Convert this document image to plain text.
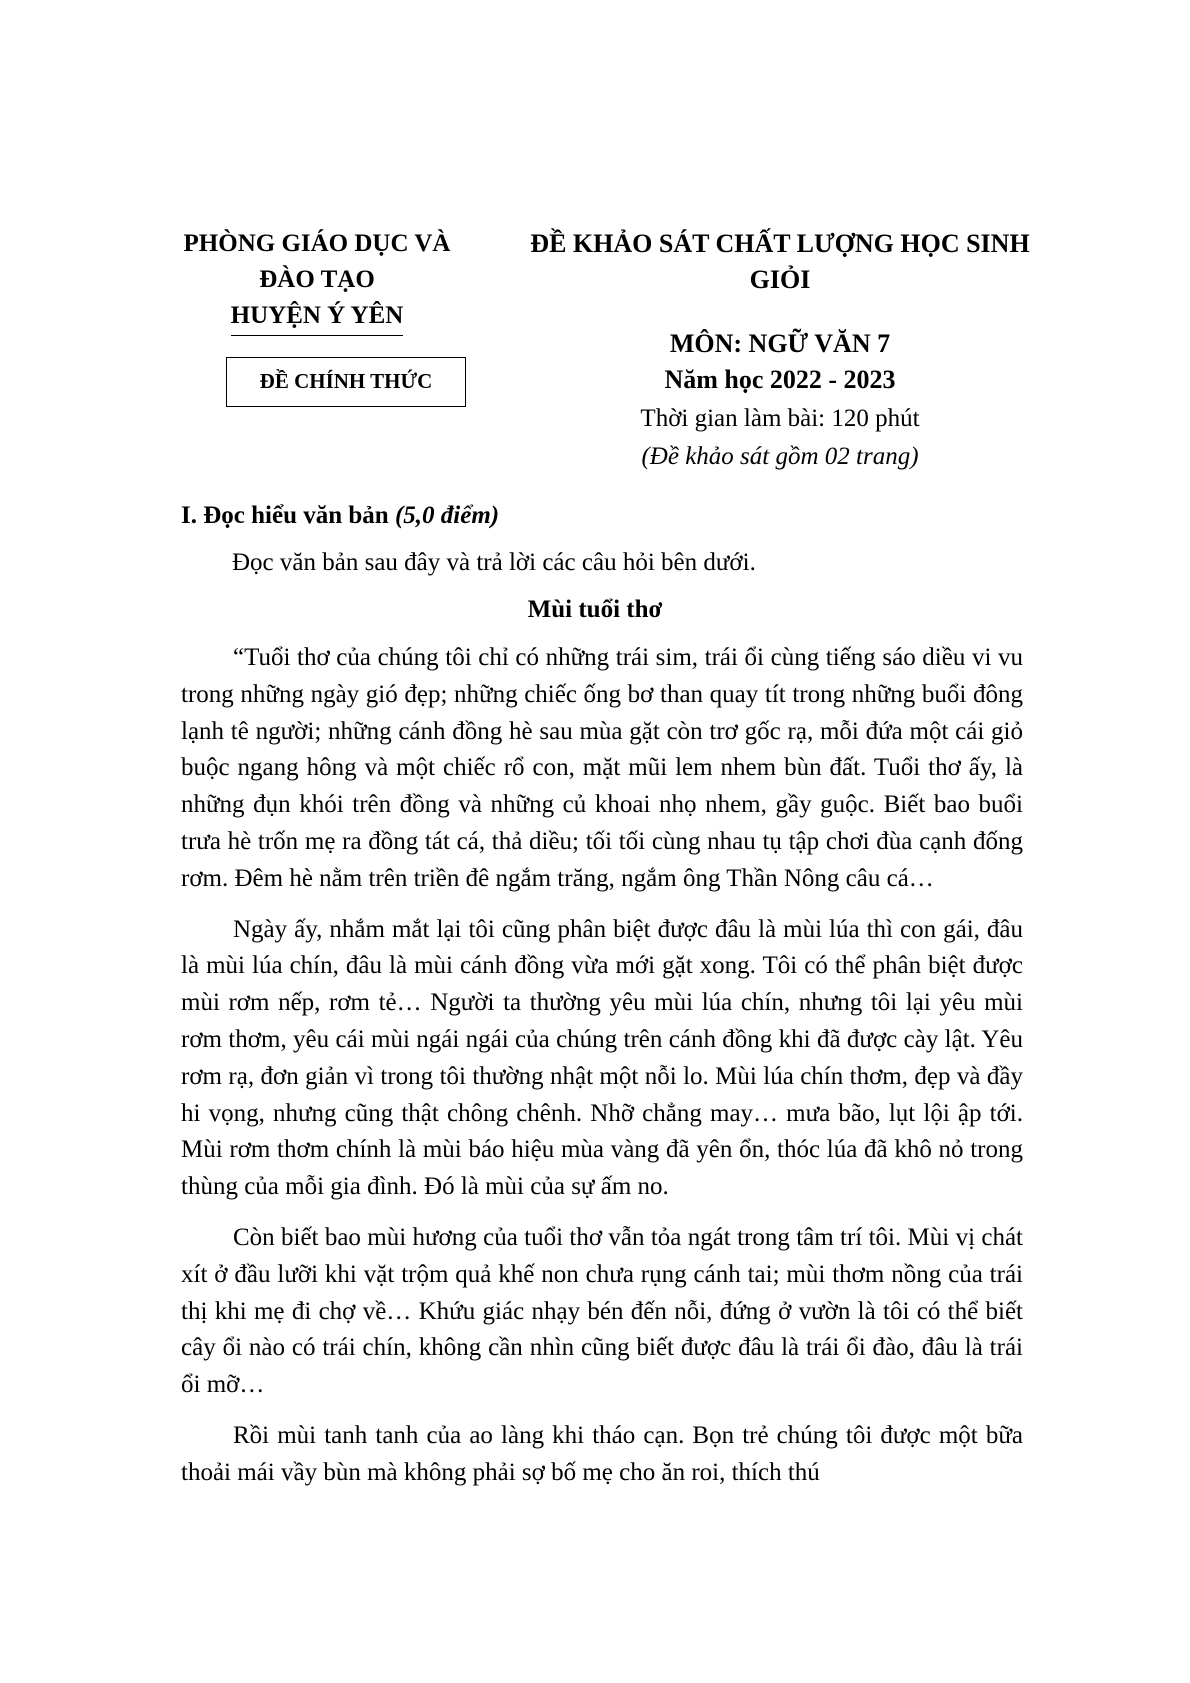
PHÒNG GIÁO DỤC VÀ
ĐÀO TẠO
HUYỆN Ý YÊN
ĐỀ CHÍNH THỨC
ĐỀ KHẢO SÁT CHẤT LƯỢNG HỌC SINH
GIỎI
MÔN: NGỮ VĂN 7
Năm học 2022 - 2023
Thời gian làm bài: 120 phút
(Đề khảo sát gồm 02 trang)
I. Đọc hiểu văn bản (5,0 điểm)
Đọc văn bản sau đây và trả lời các câu hỏi bên dưới.
Mùi tuổi thơ

“Tuổi thơ của chúng tôi chỉ có những trái sim, trái ổi cùng tiếng sáo diều vi vu trong những ngày gió đẹp; những chiếc ống bơ than quay tít trong những buổi đông lạnh tê người; những cánh đồng hè sau mùa gặt còn trơ gốc rạ, mỗi đứa một cái giỏ buộc ngang hông và một chiếc rổ con, mặt mũi lem nhem bùn đất. Tuổi thơ ấy, là những đụn khói trên đồng và những củ khoai nhọ nhem, gầy guộc. Biết bao buổi trưa hè trốn mẹ ra đồng tát cá, thả diều; tối tối cùng nhau tụ tập chơi đùa cạnh đống rơm. Đêm hè nằm trên triền đê ngắm trăng, ngắm ông Thần Nông câu cá…

Ngày ấy, nhắm mắt lại tôi cũng phân biệt được đâu là mùi lúa thì con gái, đâu là mùi lúa chín, đâu là mùi cánh đồng vừa mới gặt xong. Tôi có thể phân biệt được mùi rơm nếp, rơm tẻ… Người ta thường yêu mùi lúa chín, nhưng tôi lại yêu mùi rơm thơm, yêu cái mùi ngái ngái của chúng trên cánh đồng khi đã được cày lật. Yêu rơm rạ, đơn giản vì trong tôi thường nhật một nỗi lo. Mùi lúa chín thơm, đẹp và đầy hi vọng, nhưng cũng thật chông chênh. Nhỡ chẳng may… mưa bão, lụt lội ập tới. Mùi rơm thơm chính là mùi báo hiệu mùa vàng đã yên ổn, thóc lúa đã khô nỏ trong thùng của mỗi gia đình. Đó là mùi của sự ấm no.

Còn biết bao mùi hương của tuổi thơ vẫn tỏa ngát trong tâm trí tôi. Mùi vị chát xít ở đầu lưỡi khi vặt trộm quả khế non chưa rụng cánh tai; mùi thơm nồng của trái thị khi mẹ đi chợ về… Khứu giác nhạy bén đến nỗi, đứng ở vườn là tôi có thể biết cây ổi nào có trái chín, không cần nhìn cũng biết được đâu là trái ổi đào, đâu là trái ổi mỡ…

Rồi mùi tanh tanh của ao làng khi tháo cạn. Bọn trẻ chúng tôi được một bữa thoải mái vầy bùn mà không phải sợ bố mẹ cho ăn roi, thích thú
